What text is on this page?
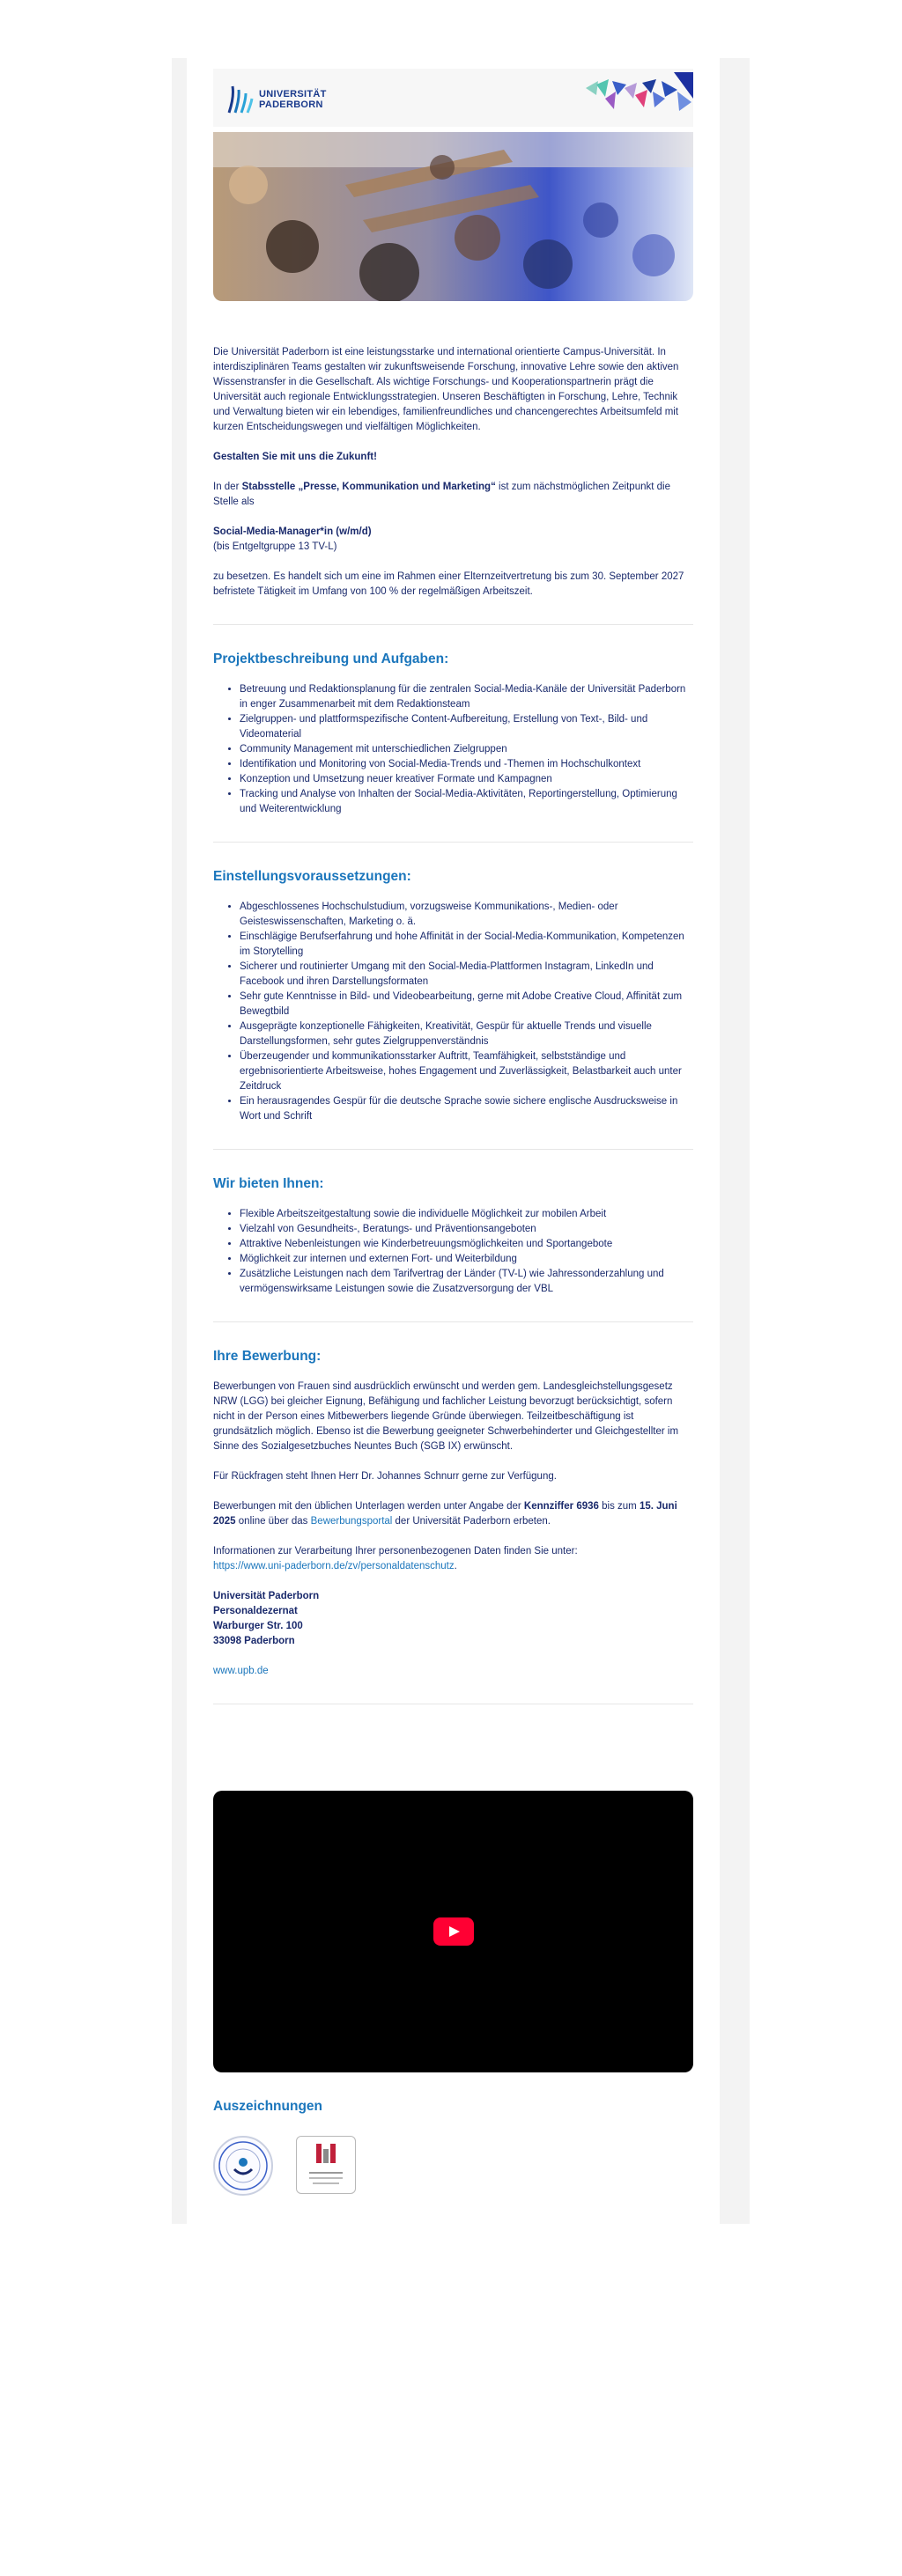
UNIVERSITÄT
PADERBORN

Die Universität Paderborn ist eine leistungsstarke und international orientierte Campus-Universität. In interdisziplinären Teams gestalten wir zukunftsweisende Forschung, innovative Lehre sowie den aktiven Wissenstransfer in die Gesellschaft. Als wichtige Forschungs- und Kooperationspartnerin prägt die Universität auch regionale Entwicklungsstrategien. Unseren Beschäftigten in Forschung, Lehre, Technik und Verwaltung bieten wir ein lebendiges, familienfreundliches und chancengerechtes Arbeitsumfeld mit kurzen Entscheidungswegen und vielfältigen Möglichkeiten.

Gestalten Sie mit uns die Zukunft!

In der Stabsstelle „Presse, Kommunikation und Marketing“ ist zum nächstmöglichen Zeitpunkt die Stelle als

Social-Media-Manager*in (w/m/d)
(bis Entgeltgruppe 13 TV-L)

zu besetzen. Es handelt sich um eine im Rahmen einer Elternzeitvertretung bis zum 30. September 2027 befristete Tätigkeit im Umfang von 100 % der regelmäßigen Arbeitszeit.

Projektbeschreibung und Aufgaben:
• Betreuung und Redaktionsplanung für die zentralen Social-Media-Kanäle der Universität Paderborn in enger Zusammenarbeit mit dem Redaktionsteam
• Zielgruppen- und plattformspezifische Content-Aufbereitung, Erstellung von Text-, Bild- und Videomaterial
• Community Management mit unterschiedlichen Zielgruppen
• Identifikation und Monitoring von Social-Media-Trends und -Themen im Hochschulkontext
• Konzeption und Umsetzung neuer kreativer Formate und Kampagnen
• Tracking und Analyse von Inhalten der Social-Media-Aktivitäten, Reportingerstellung, Optimierung und Weiterentwicklung
Einstellungsvoraussetzungen:
• Abgeschlossenes Hochschulstudium, vorzugsweise Kommunikations-, Medien- oder Geisteswissenschaften, Marketing o. ä.
• Einschlägige Berufserfahrung und hohe Affinität in der Social-Media-Kommunikation, Kompetenzen im Storytelling
• Sicherer und routinierter Umgang mit den Social-Media-Plattformen Instagram, LinkedIn und Facebook und ihren Darstellungsformaten
• Sehr gute Kenntnisse in Bild- und Videobearbeitung, gerne mit Adobe Creative Cloud, Affinität zum Bewegtbild
• Ausgeprägte konzeptionelle Fähigkeiten, Kreativität, Gespür für aktuelle Trends und visuelle Darstellungsformen, sehr gutes Zielgruppenverständnis
• Überzeugender und kommunikationsstarker Auftritt, Teamfähigkeit, selbstständige und ergebnisorientierte Arbeitsweise, hohes Engagement und Zuverlässigkeit, Belastbarkeit auch unter Zeitdruck
• Ein herausragendes Gespür für die deutsche Sprache sowie sichere englische Ausdrucksweise in Wort und Schrift
Wir bieten Ihnen:
• Flexible Arbeitszeitgestaltung sowie die individuelle Möglichkeit zur mobilen Arbeit
• Vielzahl von Gesundheits-, Beratungs- und Präventionsangeboten
• Attraktive Nebenleistungen wie Kinderbetreuungsmöglichkeiten und Sportangebote
• Möglichkeit zur internen und externen Fort- und Weiterbildung
• Zusätzliche Leistungen nach dem Tarifvertrag der Länder (TV-L) wie Jahressonderzahlung und vermögenswirksame Leistungen sowie die Zusatzversorgung der VBL
Ihre Bewerbung:

Bewerbungen von Frauen sind ausdrücklich erwünscht und werden gem. Landesgleichstellungsgesetz NRW (LGG) bei gleicher Eignung, Befähigung und fachlicher Leistung bevorzugt berücksichtigt, sofern nicht in der Person eines Mitbewerbers liegende Gründe überwiegen. Teilzeitbeschäftigung ist grundsätzlich möglich. Ebenso ist die Bewerbung geeigneter Schwerbehinderter und Gleichgestellter im Sinne des Sozialgesetzbuches Neuntes Buch (SGB IX) erwünscht.

Für Rückfragen steht Ihnen Herr Dr. Johannes Schnurr gerne zur Verfügung.

Bewerbungen mit den üblichen Unterlagen werden unter Angabe der Kennziffer 6936 bis zum 15. Juni 2025 online über das Bewerbungsportal der Universität Paderborn erbeten.

Informationen zur Verarbeitung Ihrer personenbezogenen Daten finden Sie unter:
https://www.uni-paderborn.de/zv/personaldatenschutz.

Universität Paderborn
Personaldezernat
Warburger Str. 100
33098 Paderborn

www.upb.de

Auszeichnungen
